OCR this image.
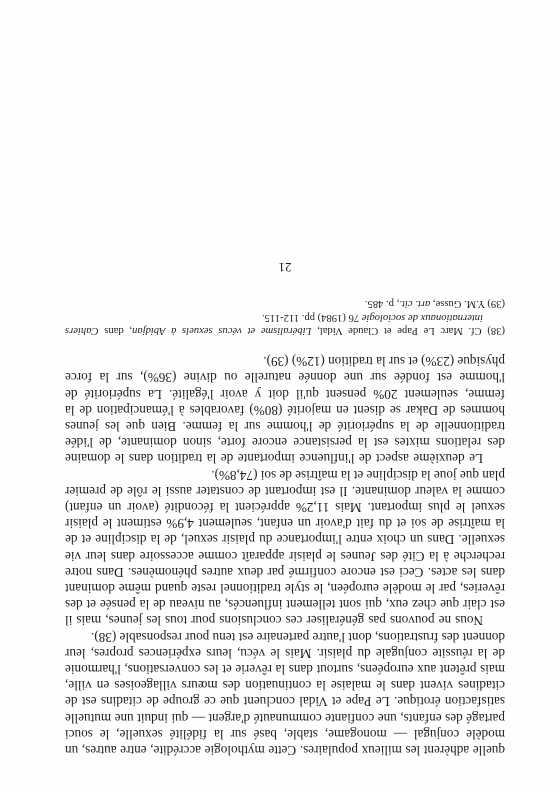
quelle adhèrent les milieux populaires. Cette mythologie accrédite, entre autres, un modèle conjugal — monogame, stable, basé sur la fidélité sexuelle, le souci partagé des enfants, une confiante communauté d'argent — qui induit une mutuelle satisfaction érotique. Le Pape et Vidal concluent que ce groupe de citadins est de citadines vivent dans le malaise la continuation des mœurs villageoises en ville, mais prêtent aux européens, surtout dans la rêverie et les conversations, l'harmonie de la réussite conjugale du plaisir. Mais le vécu, leurs expériences propres, leur donnent des frustrations, dont l'autre partenaire est tenu pour responsable (38).

Nous ne pouvons pas généraliser ces conclusions pour tous les jeunes, mais il est clair que chez eux, qui sont tellement influencés, au niveau de la pensée et des rêveries, par le modèle européen, le style traditionnel reste quand même dominant dans les actes. Ceci est encore confirmé par deux autres phénomènes. Dans notre recherche à la Cité des Jeunes le plaisir apparaît comme accessoire dans leur vie sexuelle. Dans un choix entre l'importance du plaisir sexuel, de la discipline et de la maîtrise de soi et du fait d'avoir un enfant, seulement 4,9% estiment le plaisir sexuel le plus important. Mais 11,2% apprécient la fécondité (avoir un enfant) comme la valeur dominante. Il est important de constater aussi le rôle de premier plan que joue la discipline et la maîtrise de soi (74,8%).

Le deuxième aspect de l'influence importante de la tradition dans le domaine des relations mixtes est la persistance encore forte, sinon dominante, de l'idée traditionnelle de la supériorité de l'homme sur la femme. Bien que les jeunes hommes de Dakar se disent en majorité (80%) favorables à l'émancipation de la femme, seulement 20% pensent qu'il doit y avoir l'égalité. La supériorité de l'homme est fondée sur une donnée naturelle ou divine (36%), sur la force physique (23%) et sur la tradition (12%) (39).

(38) Cf. Marc Le Pape et Claude Vidal, Libéralisme et vécus sexuels à Abidjan, dans Cahiers internationaux de sociologie 76 (1984) pp. 112-115.

(39) Y.M. Gusse, art. cit., p. 485.

21
